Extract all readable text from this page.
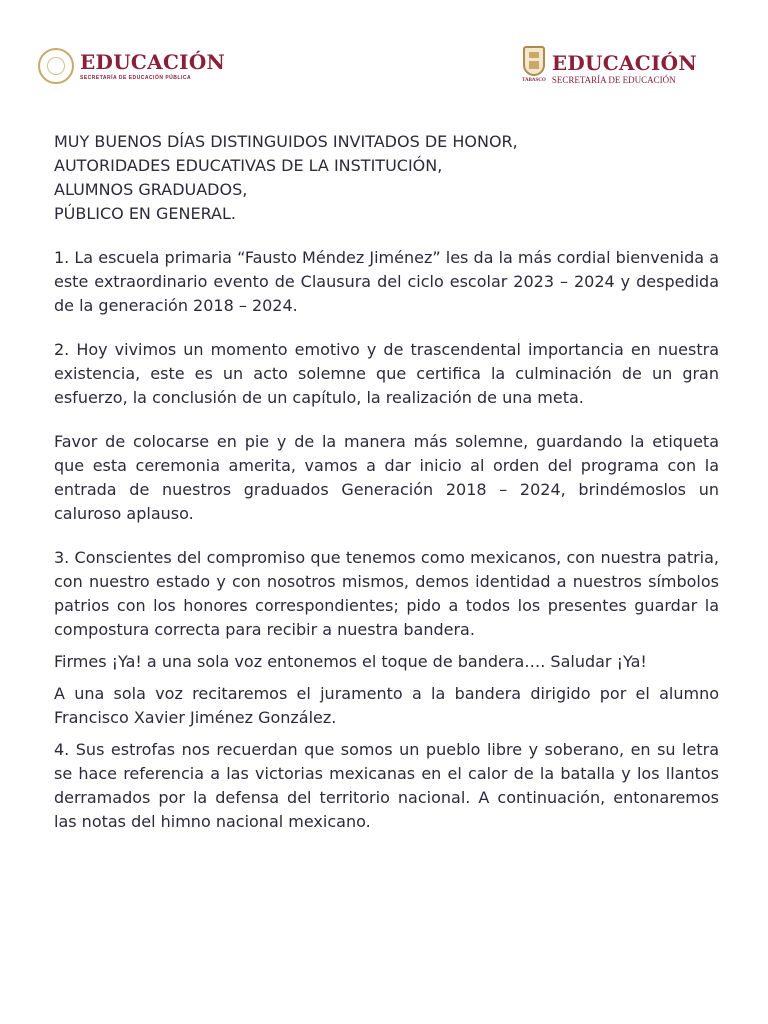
EDUCACIÓN
SECRETARÍA DE EDUCACIÓN PÚBLICA	TABASCO
EDUCACIÓN
SECRETARÍA DE EDUCACIÓN
MUY BUENOS DÍAS DISTINGUIDOS INVITADOS DE HONOR,
AUTORIDADES EDUCATIVAS DE LA INSTITUCIÓN,
ALUMNOS GRADUADOS,
PÚBLICO EN GENERAL.

1. La escuela primaria “Fausto Méndez Jiménez” les da la más cordial bienvenida a este extraordinario evento de Clausura del ciclo escolar 2023 – 2024 y despedida de la generación 2018 – 2024.

2. Hoy vivimos un momento emotivo y de trascendental importancia en nuestra existencia, este es un acto solemne que certifica la culminación de un gran esfuerzo, la conclusión de un capítulo, la realización de una meta.

Favor de colocarse en pie y de la manera más solemne, guardando la etiqueta que esta ceremonia amerita, vamos a dar inicio al orden del programa con la entrada de nuestros graduados Generación 2018 – 2024, brindémoslos un caluroso aplauso.

3. Conscientes del compromiso que tenemos como mexicanos, con nuestra patria, con nuestro estado y con nosotros mismos, demos identidad a nuestros símbolos patrios con los honores correspondientes; pido a todos los presentes guardar la compostura correcta para recibir a nuestra bandera.

Firmes ¡Ya! a una sola voz entonemos el toque de bandera…. Saludar ¡Ya!

A una sola voz recitaremos el juramento a la bandera dirigido por el alumno Francisco Xavier Jiménez González.

4. Sus estrofas nos recuerdan que somos un pueblo libre y soberano, en su letra se hace referencia a las victorias mexicanas en el calor de la batalla y los llantos derramados por la defensa del territorio nacional. A continuación, entonaremos las notas del himno nacional mexicano.
